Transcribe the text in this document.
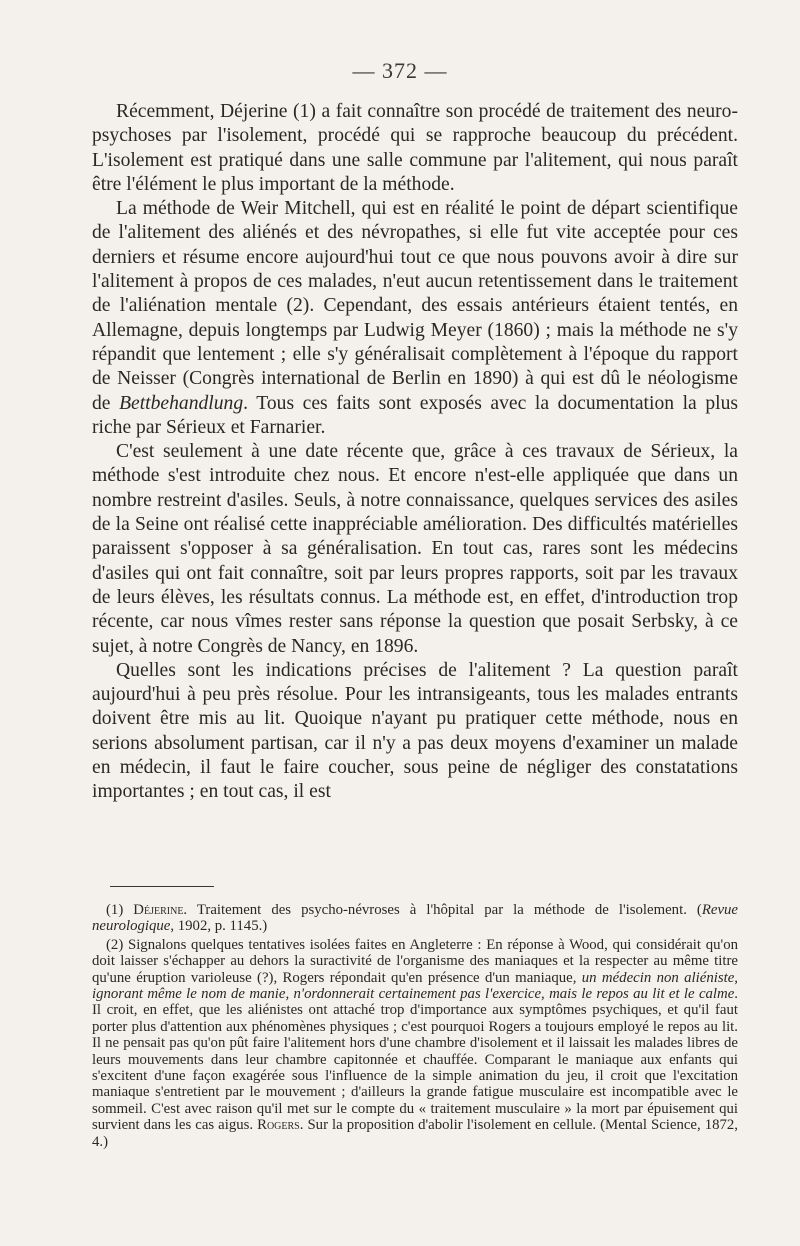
— 372 —

Récemment, Déjerine (1) a fait connaître son procédé de traitement des neuro-psychoses par l'isolement, procédé qui se rapproche beaucoup du précédent. L'isolement est pratiqué dans une salle commune par l'alitement, qui nous paraît être l'élément le plus important de la méthode.

La méthode de Weir Mitchell, qui est en réalité le point de départ scientifique de l'alitement des aliénés et des névropathes, si elle fut vite acceptée pour ces derniers et résume encore aujourd'hui tout ce que nous pouvons avoir à dire sur l'alitement à propos de ces malades, n'eut aucun retentissement dans le traitement de l'aliénation mentale (2). Cependant, des essais antérieurs étaient tentés, en Allemagne, depuis longtemps par Ludwig Meyer (1860) ; mais la méthode ne s'y répandit que lentement ; elle s'y généralisait complètement à l'époque du rapport de Neisser (Congrès international de Berlin en 1890) à qui est dû le néologisme de Bettbehandlung. Tous ces faits sont exposés avec la documentation la plus riche par Sérieux et Farnarier.

C'est seulement à une date récente que, grâce à ces travaux de Sérieux, la méthode s'est introduite chez nous. Et encore n'est-elle appliquée que dans un nombre restreint d'asiles. Seuls, à notre connaissance, quelques services des asiles de la Seine ont réalisé cette inappréciable amélioration. Des difficultés matérielles paraissent s'opposer à sa généralisation. En tout cas, rares sont les médecins d'asiles qui ont fait connaître, soit par leurs propres rapports, soit par les travaux de leurs élèves, les résultats connus. La méthode est, en effet, d'introduction trop récente, car nous vîmes rester sans réponse la question que posait Serbsky, à ce sujet, à notre Congrès de Nancy, en 1896.

Quelles sont les indications précises de l'alitement ? La question paraît aujourd'hui à peu près résolue. Pour les intransigeants, tous les malades entrants doivent être mis au lit. Quoique n'ayant pu pratiquer cette méthode, nous en serions absolument partisan, car il n'y a pas deux moyens d'examiner un malade en médecin, il faut le faire coucher, sous peine de négliger des constatations importantes ; en tout cas, il est

(1) Déjerine. Traitement des psycho-névroses à l'hôpital par la méthode de l'isolement. (Revue neurologique, 1902, p. 1145.)

(2) Signalons quelques tentatives isolées faites en Angleterre : En réponse à Wood, qui considérait qu'on doit laisser s'échapper au dehors la suractivité de l'organisme des maniaques et la respecter au même titre qu'une éruption varioleuse (?), Rogers répondait qu'en présence d'un maniaque, un médecin non aliéniste, ignorant même le nom de manie, n'ordonnerait certainement pas l'exercice, mais le repos au lit et le calme. Il croit, en effet, que les aliénistes ont attaché trop d'importance aux symptômes psychiques, et qu'il faut porter plus d'attention aux phénomènes physiques ; c'est pourquoi Rogers a toujours employé le repos au lit. Il ne pensait pas qu'on pût faire l'alitement hors d'une chambre d'isolement et il laissait les malades libres de leurs mouvements dans leur chambre capitonnée et chauffée. Comparant le maniaque aux enfants qui s'excitent d'une façon exagérée sous l'influence de la simple animation du jeu, il croit que l'excitation maniaque s'entretient par le mouvement ; d'ailleurs la grande fatigue musculaire est incompatible avec le sommeil. C'est avec raison qu'il met sur le compte du « traitement musculaire » la mort par épuisement qui survient dans les cas aigus. Rogers. Sur la proposition d'abolir l'isolement en cellule. (Mental Science, 1872, 4.)
